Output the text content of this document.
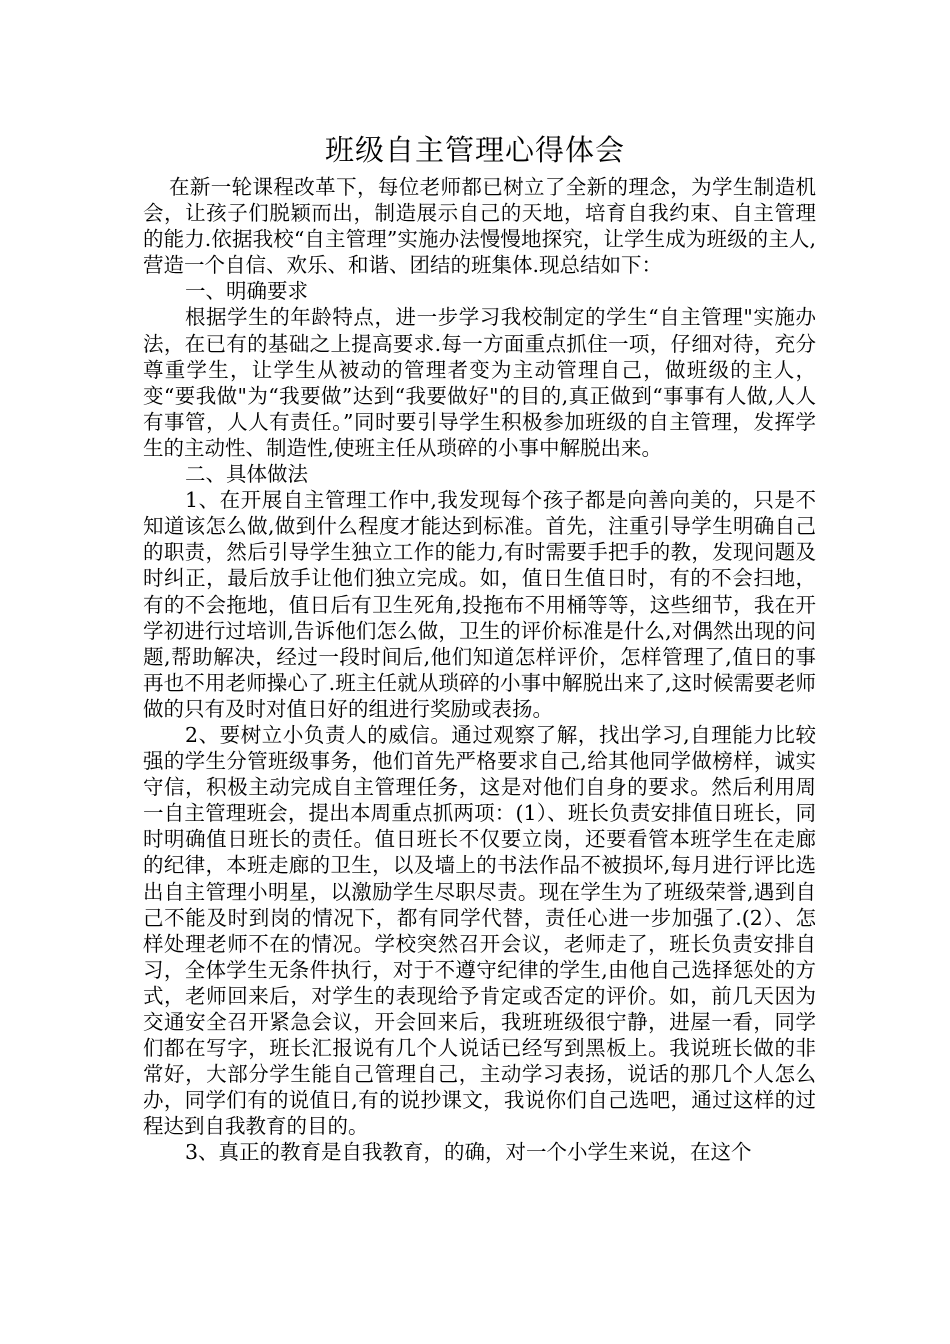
班级自主管理心得体会

在新一轮课程改革下，每位老师都已树立了全新的理念，为学生制造机会，让孩子们脱颖而出，制造展示自己的天地，培育自我约束、自主管理的能力.依据我校“自主管理”实施办法慢慢地探究，让学生成为班级的主人,营造一个自信、欢乐、和谐、团结的班集体.现总结如下：

一、明确要求

根据学生的年龄特点，进一步学习我校制定的学生“自主管理"实施办法，在已有的基础之上提高要求.每一方面重点抓住一项，仔细对待，充分尊重学生，让学生从被动的管理者变为主动管理自己，做班级的主人，变“要我做"为“我要做”达到“我要做好"的目的,真正做到“事事有人做,人人有事管，人人有责任。”同时要引导学生积极参加班级的自主管理，发挥学生的主动性、制造性,使班主任从琐碎的小事中解脱出来。

二、具体做法

1、在开展自主管理工作中,我发现每个孩子都是向善向美的，只是不知道该怎么做,做到什么程度才能达到标准。首先，注重引导学生明确自己的职责，然后引导学生独立工作的能力,有时需要手把手的教，发现问题及时纠正，最后放手让他们独立完成。如，值日生值日时，有的不会扫地，有的不会拖地，值日后有卫生死角,投拖布不用桶等等，这些细节，我在开学初进行过培训,告诉他们怎么做，卫生的评价标准是什么,对偶然出现的问题,帮助解决，经过一段时间后,他们知道怎样评价，怎样管理了,值日的事再也不用老师操心了.班主任就从琐碎的小事中解脱出来了,这时候需要老师做的只有及时对值日好的组进行奖励或表扬。

2、要树立小负责人的威信。通过观察了解，找出学习,自理能力比较强的学生分管班级事务，他们首先严格要求自己,给其他同学做榜样，诚实守信，积极主动完成自主管理任务，这是对他们自身的要求。然后利用周一自主管理班会，提出本周重点抓两项：(1）、班长负责安排值日班长，同时明确值日班长的责任。值日班长不仅要立岗，还要看管本班学生在走廊的纪律，本班走廊的卫生，以及墙上的书法作品不被损坏,每月进行评比选出自主管理小明星，以激励学生尽职尽责。现在学生为了班级荣誉,遇到自己不能及时到岗的情况下，都有同学代替，责任心进一步加强了.(2）、怎样处理老师不在的情况。学校突然召开会议，老师走了，班长负责安排自习，全体学生无条件执行，对于不遵守纪律的学生,由他自己选择惩处的方式，老师回来后，对学生的表现给予肯定或否定的评价。如，前几天因为交通安全召开紧急会议，开会回来后，我班班级很宁静，进屋一看，同学们都在写字，班长汇报说有几个人说话已经写到黑板上。我说班长做的非常好，大部分学生能自己管理自己，主动学习表扬，说话的那几个人怎么办，同学们有的说值日,有的说抄课文，我说你们自己选吧，通过这样的过程达到自我教育的目的。

3、真正的教育是自我教育，的确，对一个小学生来说，在这个
